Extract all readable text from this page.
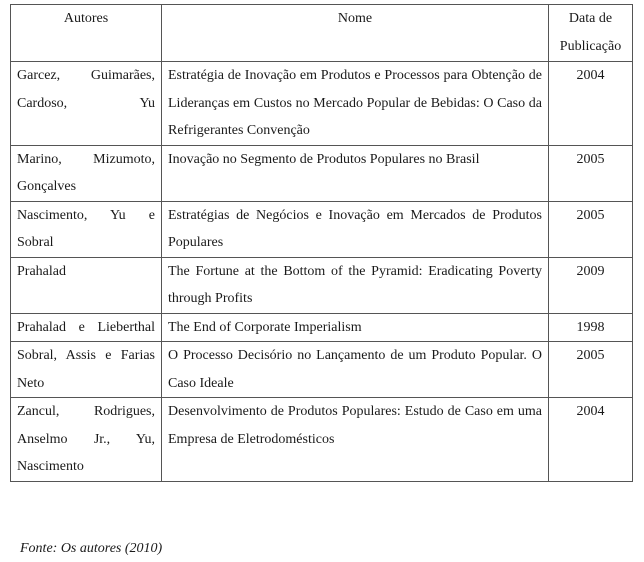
Autores	Nome	Data de Publicação
Garcez, Guimarães, Cardoso, Yu	Estratégia de Inovação em Produtos e Processos para Obtenção de Lideranças em Custos no Mercado Popular de Bebidas: O Caso da Refrigerantes Convenção	2004
Marino, Mizumoto, Gonçalves	Inovação no Segmento de Produtos Populares no Brasil	2005
Nascimento, Yu e Sobral	Estratégias de Negócios e Inovação em Mercados de Produtos Populares	2005
Prahalad	The Fortune at the Bottom of the Pyramid: Eradicating Poverty through Profits	2009
Prahalad e Lieberthal	The End of Corporate Imperialism	1998
Sobral, Assis e Farias Neto	O Processo Decisório no Lançamento de um Produto Popular. O Caso Ideale	2005
Zancul, Rodrigues, Anselmo Jr., Yu, Nascimento	Desenvolvimento de Produtos Populares: Estudo de Caso em uma Empresa de Eletrodomésticos	2004
Fonte: Os autores (2010)
